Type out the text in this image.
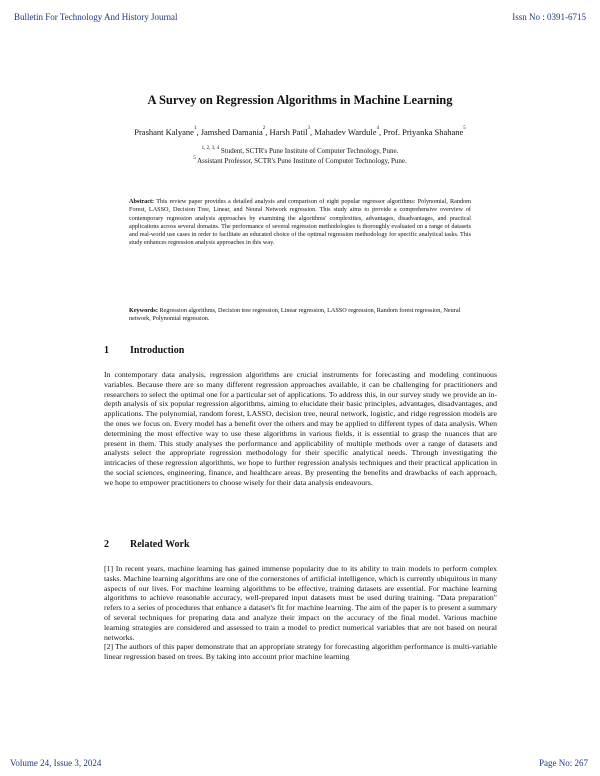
Bulletin For Technology And History Journal	Issn No : 0391-6715
A Survey on Regression Algorithms in Machine Learning
Prashant Kalyane$^1$, Jamshed Damania$^2$, Harsh Patil$^3$, Mahadev Wardule$^4$, Prof. Priyanka Shahane$^5$
$^{1, 2, 3, 4}$ Student, SCTR's Pune Institute of Computer Technology, Pune.
$^5$ Assistant Professor, SCTR's Pune Institute of Computer Technology, Pune.
Abstract: This review paper provides a detailed analysis and comparison of eight popular regressor algorithms: Polynomial, Random Forest, LASSO, Decision Tree, Linear, and Neural Network regression. This study aims to provide a comprehensive overview of contemporary regression analysis approaches by examining the algorithms' complexities, advantages, disadvantages, and practical applications across several domains. The performance of several regression methodologies is thoroughly evaluated on a range of datasets and real-world use cases in order to facilitate an educated choice of the optimal regression methodology for specific analytical tasks. This study enhances regression analysis approaches in this way.
Keywords: Regression algorithms, Decision tree regression, Linear regression, LASSO regression, Random forest regression, Neural network, Polynomial regression.
1 Introduction

In contemporary data analysis, regression algorithms are crucial instruments for forecasting and modeling continuous variables. Because there are so many different regression approaches available, it can be challenging for practitioners and researchers to select the optimal one for a particular set of applications. To address this, in our survey study we provide an in-depth analysis of six popular regression algorithms, aiming to elucidate their basic principles, advantages, disadvantages, and applications. The polynomial, random forest, LASSO, decision tree, neural network, logistic, and ridge regression models are the ones we focus on. Every model has a benefit over the others and may be applied to different types of data analysis. When determining the most effective way to use these algorithms in various fields, it is essential to grasp the nuances that are present in them. This study analyses the performance and applicability of multiple methods over a range of datasets and analysts select the appropriate regression methodology for their specific analytical needs. Through investigating the intricacies of these regression algorithms, we hope to further regression analysis techniques and their practical application in the social sciences, engineering, finance, and healthcare areas. By presenting the benefits and drawbacks of each approach, we hope to empower practitioners to choose wisely for their data analysis endeavours.

2 Related Work

[1] In recent years, machine learning has gained immense popularity due to its ability to train models to perform complex tasks. Machine learning algorithms are one of the cornerstones of artificial intelligence, which is currently ubiquitous in many aspects of our lives. For machine learning algorithms to be effective, training datasets are essential. For machine learning algorithms to achieve reasonable accuracy, well-prepared input datasets must be used during training. "Data preparation" refers to a series of procedures that enhance a dataset's fit for machine learning. The aim of the paper is to present a summary of several techniques for preparing data and analyze their impact on the accuracy of the final model. Various machine learning strategies are considered and assessed to train a model to predict numerical variables that are not based on neural networks.

[2] The authors of this paper demonstrate that an appropriate strategy for forecasting algorithm performance is multi-variable linear regression based on trees. By taking into account prior machine learning

Volume 24, Issue 3, 2024	Page No: 267
